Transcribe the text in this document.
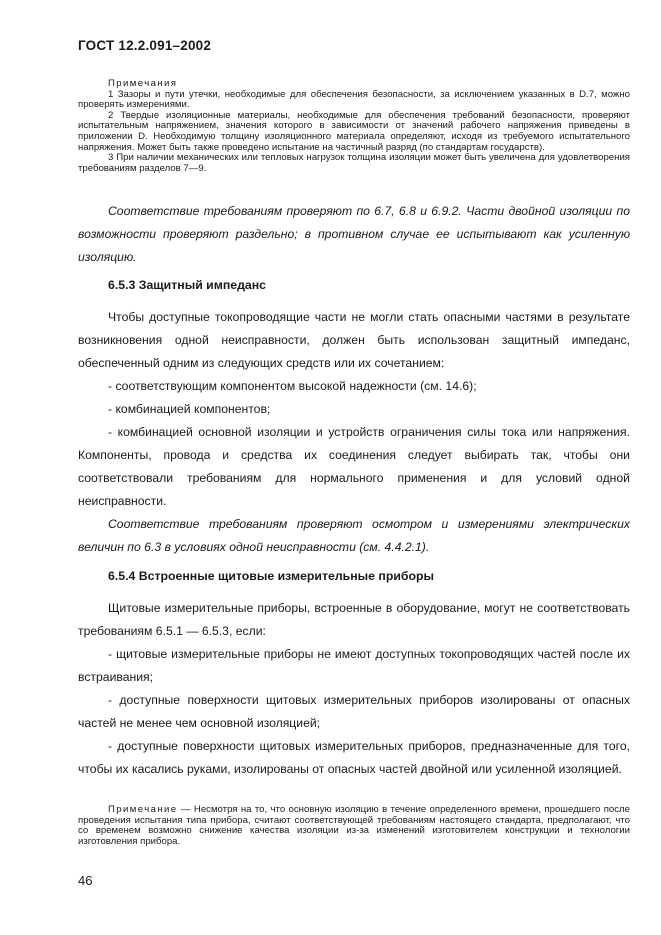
ГОСТ 12.2.091–2002

Примечания

1 Зазоры и пути утечки, необходимые для обеспечения безопасности, за исключением указанных в D.7, можно проверять измерениями.

2 Твердые изоляционные материалы, необходимые для обеспечения требований безопасности, проверяют испытательным напряжением, значения которого в зависимости от значений рабочего напряжения приведены в приложении D. Необходимую толщину изоляционного материала определяют, исходя из требуемого испытательного напряжения. Может быть также проведено испытание на частичный разряд (по стандартам государств).

3 При наличии механических или тепловых нагрузок толщина изоляции может быть увеличена для удовлетворения требованиям разделов 7—9.

Соответствие требованиям проверяют по 6.7, 6.8 и 6.9.2. Части двойной изоляции по возможности проверяют раздельно; в противном случае ее испытывают как усиленную изоляцию.

6.5.3 Защитный импеданс

Чтобы доступные токопроводящие части не могли стать опасными частями в результате возникновения одной неисправности, должен быть использован защитный импеданс, обеспеченный одним из следующих средств или их сочетанием:

- соответствующим компонентом высокой надежности (см. 14.6);

- комбинацией компонентов;

- комбинацией основной изоляции и устройств ограничения силы тока или напряжения. Компоненты, провода и средства их соединения следует выбирать так, чтобы они соответствовали требованиям для нормального применения и для условий одной неисправности.

Соответствие требованиям проверяют осмотром и измерениями электрических величин по 6.3 в условиях одной неисправности (см. 4.4.2.1).

6.5.4 Встроенные щитовые измерительные приборы

Щитовые измерительные приборы, встроенные в оборудование, могут не соответствовать требованиям 6.5.1 — 6.5.3, если:

- щитовые измерительные приборы не имеют доступных токопроводящих частей после их встраивания;

- доступные поверхности щитовых измерительных приборов изолированы от опасных частей не менее чем основной изоляцией;

- доступные поверхности щитовых измерительных приборов, предназначенные для того, чтобы их касались руками, изолированы от опасных частей двойной или усиленной изоляцией.

Примечание — Несмотря на то, что основную изоляцию в течение определенного времени, прошедшего после проведения испытания типа прибора, считают соответствующей требованиям настоящего стандарта, предполагают, что со временем возможно снижение качества изоляции из-за изменений изготовителем конструкции и технологии изготовления прибора.

46
